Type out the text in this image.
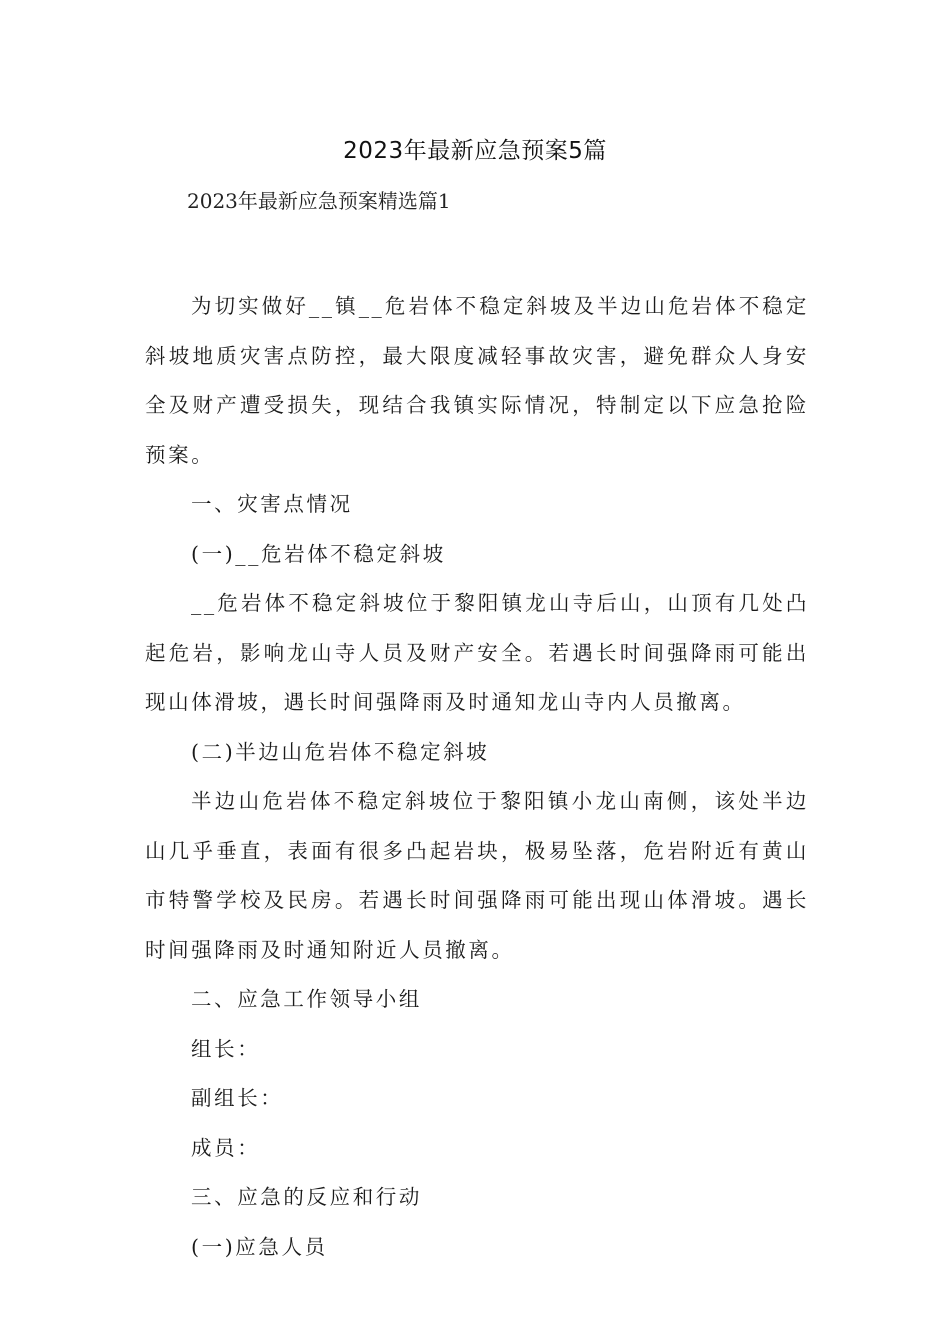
2023年最新应急预案5篇
2023年最新应急预案精选篇1

为切实做好__镇__危岩体不稳定斜坡及半边山危岩体不稳定斜坡地质灾害点防控，最大限度减轻事故灾害，避免群众人身安全及财产遭受损失，现结合我镇实际情况，特制定以下应急抢险预案。

一、灾害点情况

(一)__危岩体不稳定斜坡

__危岩体不稳定斜坡位于黎阳镇龙山寺后山，山顶有几处凸起危岩，影响龙山寺人员及财产安全。若遇长时间强降雨可能出现山体滑坡，遇长时间强降雨及时通知龙山寺内人员撤离。

(二)半边山危岩体不稳定斜坡

半边山危岩体不稳定斜坡位于黎阳镇小龙山南侧，该处半边山几乎垂直，表面有很多凸起岩块，极易坠落，危岩附近有黄山市特警学校及民房。若遇长时间强降雨可能出现山体滑坡。遇长时间强降雨及时通知附近人员撤离。

二、应急工作领导小组

组长：

副组长：

成员：

三、应急的反应和行动

(一)应急人员
